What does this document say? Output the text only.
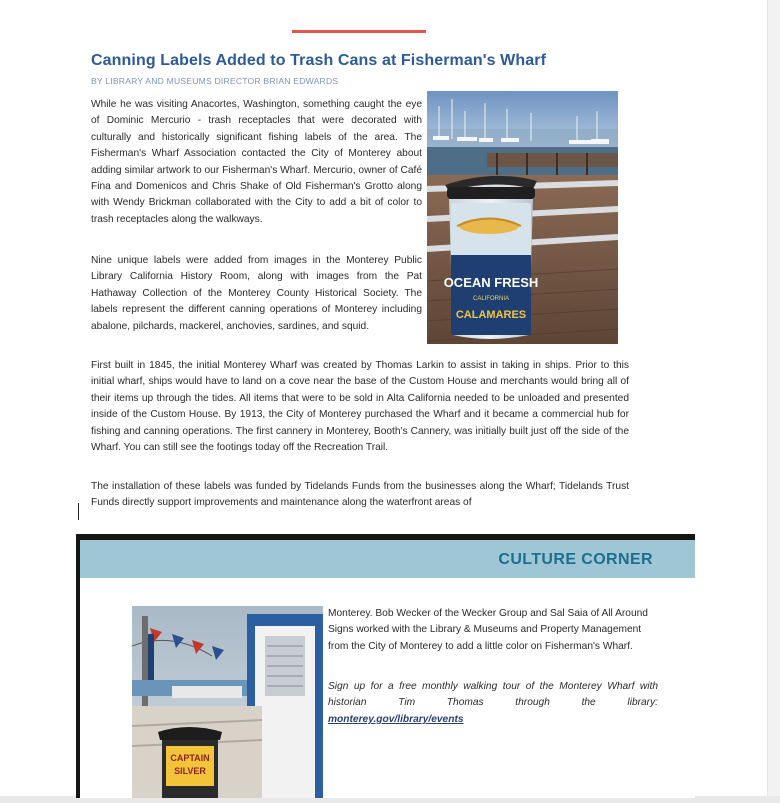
Canning Labels Added to Trash Cans at Fisherman's Wharf
BY LIBRARY AND MUSEUMS DIRECTOR BRIAN EDWARDS

While he was visiting Anacortes, Washington, something caught the eye of Dominic Mercurio - trash receptacles that were decorated with culturally and historically significant fishing labels of the area. The Fisherman's Wharf Association contacted the City of Monterey about adding similar artwork to our Fisherman's Wharf. Mercurio, owner of Café Fina and Domenicos and Chris Shake of Old Fisherman's Grotto along with Wendy Brickman collaborated with the City to add a bit of color to trash receptacles along the walkways.

Nine unique labels were added from images in the Monterey Public Library California History Room, along with images from the Pat Hathaway Collection of the Monterey County Historical Society. The labels represent the different canning operations of Monterey including abalone, pilchards, mackerel, anchovies, sardines, and squid.

First built in 1845, the initial Monterey Wharf was created by Thomas Larkin to assist in taking in ships. Prior to this initial wharf, ships would have to land on a cove near the base of the Custom House and merchants would bring all of their items up through the tides. All items that were to be sold in Alta California needed to be unloaded and presented inside of the Custom House. By 1913, the City of Monterey purchased the Wharf and it became a commercial hub for fishing and canning operations. The first cannery in Monterey, Booth's Cannery, was initially built just off the side of the Wharf. You can still see the footings today off the Recreation Trail.

The installation of these labels was funded by Tidelands Funds from the businesses along the Wharf; Tidelands Trust Funds directly support improvements and maintenance along the waterfront areas of

OCEAN FRESH
CALIFORNIA
CALAMARES
CULTURE CORNER
CAPTAIN
SILVER

Monterey. Bob Wecker of the Wecker Group and Sal Saia of All Around Signs worked with the Library & Museums and Property Management from the City of Monterey to add a little color on Fisherman's Wharf.

Sign up for a free monthly walking tour of the Monterey Wharf with historian Tim Thomas through the library:

monterey.gov/library/events
